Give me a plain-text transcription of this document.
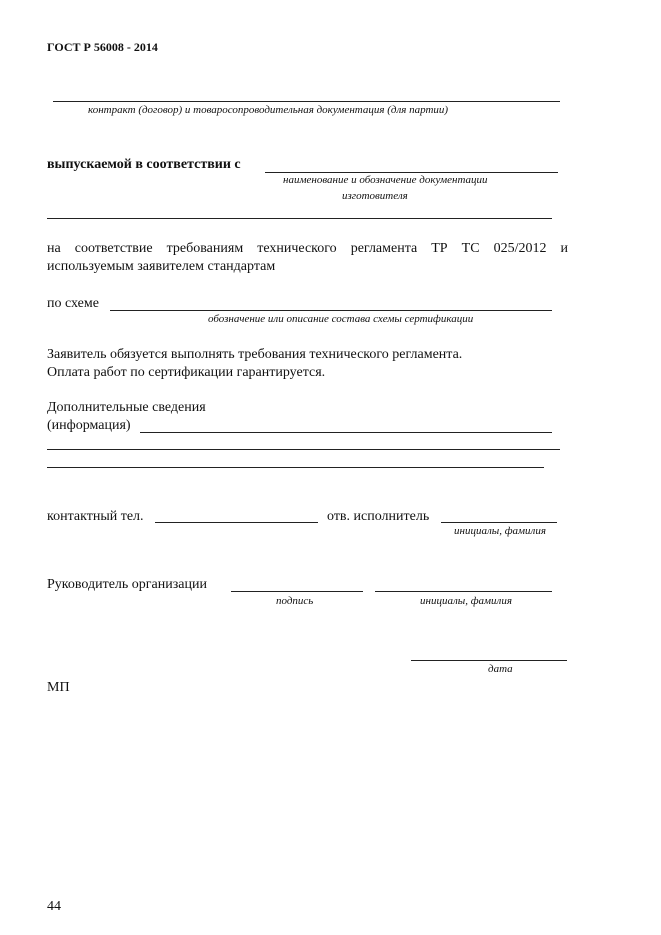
ГОСТ Р 56008 - 2014
контракт (договор) и товаросопроводительная документация (для партии)
выпускаемой в соответствии с
наименование и обозначение документации
изготовителя
на соответствие требованиям технического регламента ТР ТС 025/2012 и
используемым заявителем стандартам
по схеме
обозначение или описание состава схемы сертификации
Заявитель обязуется выполнять требования технического регламента.
Оплата работ по сертификации гарантируется.
Дополнительные сведения
(информация)
контактный тел.	отв. исполнитель
инициалы, фамилия
Руководитель организации
подпись	инициалы, фамилия
дата
МП
44
